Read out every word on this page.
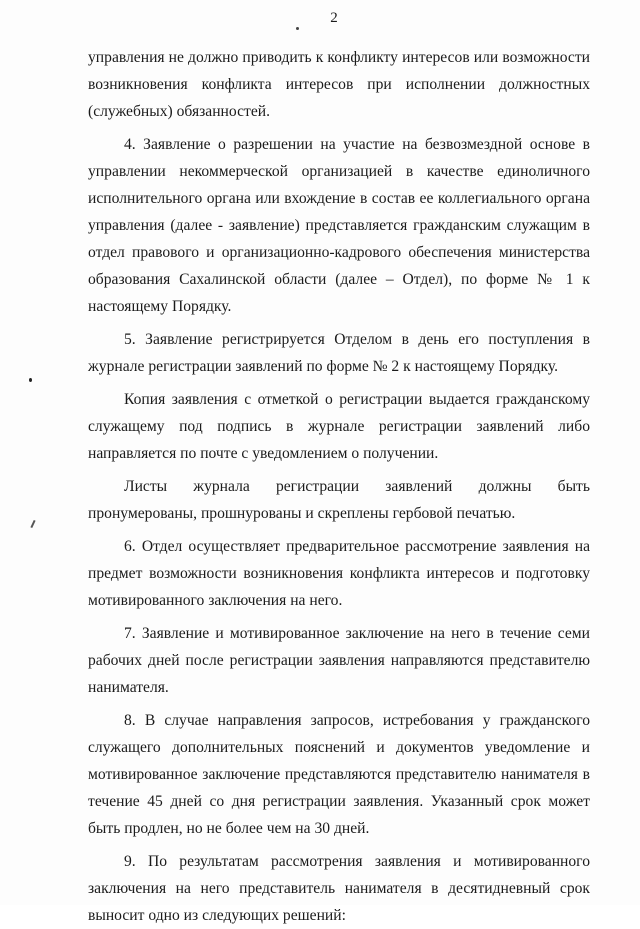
2

управления не должно приводить к конфликту интересов или возможности возникновения конфликта интересов при исполнении должностных (служебных) обязанностей.

4. Заявление о разрешении на участие на безвозмездной основе в управлении некоммерческой организацией в качестве единоличного исполнительного органа или вхождение в состав ее коллегиального органа управления (далее - заявление) представляется гражданским служащим в отдел правового и организационно-кадрового обеспечения министерства образования Сахалинской области (далее – Отдел), по форме № 1 к настоящему Порядку.

5. Заявление регистрируется Отделом в день его поступления в журнале регистрации заявлений по форме № 2 к настоящему Порядку.

Копия заявления с отметкой о регистрации выдается гражданскому служащему под подпись в журнале регистрации заявлений либо направляется по почте с уведомлением о получении.

Листы журнала регистрации заявлений должны быть пронумерованы, прошнурованы и скреплены гербовой печатью.

6. Отдел осуществляет предварительное рассмотрение заявления на предмет возможности возникновения конфликта интересов и подготовку мотивированного заключения на него.

7. Заявление и мотивированное заключение на него в течение семи рабочих дней после регистрации заявления направляются представителю нанимателя.

8. В случае направления запросов, истребования у гражданского служащего дополнительных пояснений и документов уведомление и мотивированное заключение представляются представителю нанимателя в течение 45 дней со дня регистрации заявления. Указанный срок может быть продлен, но не более чем на 30 дней.

9. По результатам рассмотрения заявления и мотивированного заключения на него представитель нанимателя в десятидневный срок выносит одно из следующих решений:
